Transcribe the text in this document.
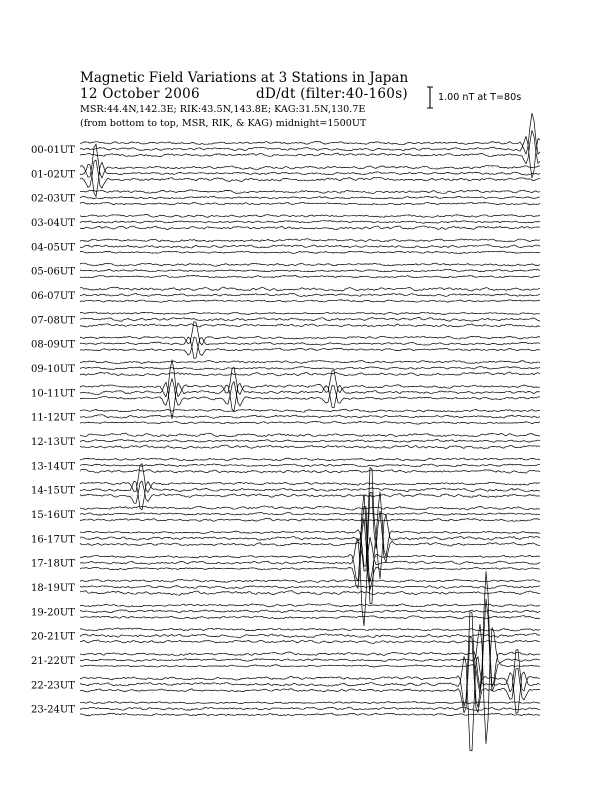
Magnetic Field Variations at 3 Stations in Japan

12 October 2006	dD/dt (filter:40-160s)

MSR:44.4N,142.3E; RIK:43.5N,143.8E; KAG:31.5N,130.7E

(from bottom to top, MSR, RIK, & KAG) midnight=1500UT

1.00 nT at T=80s

00-01UT
01-02UT
02-03UT
03-04UT
04-05UT
05-06UT
06-07UT
07-08UT
08-09UT
09-10UT
10-11UT
11-12UT
12-13UT
13-14UT
14-15UT
15-16UT
16-17UT
17-18UT
18-19UT
19-20UT
20-21UT
21-22UT
22-23UT
23-24UT
